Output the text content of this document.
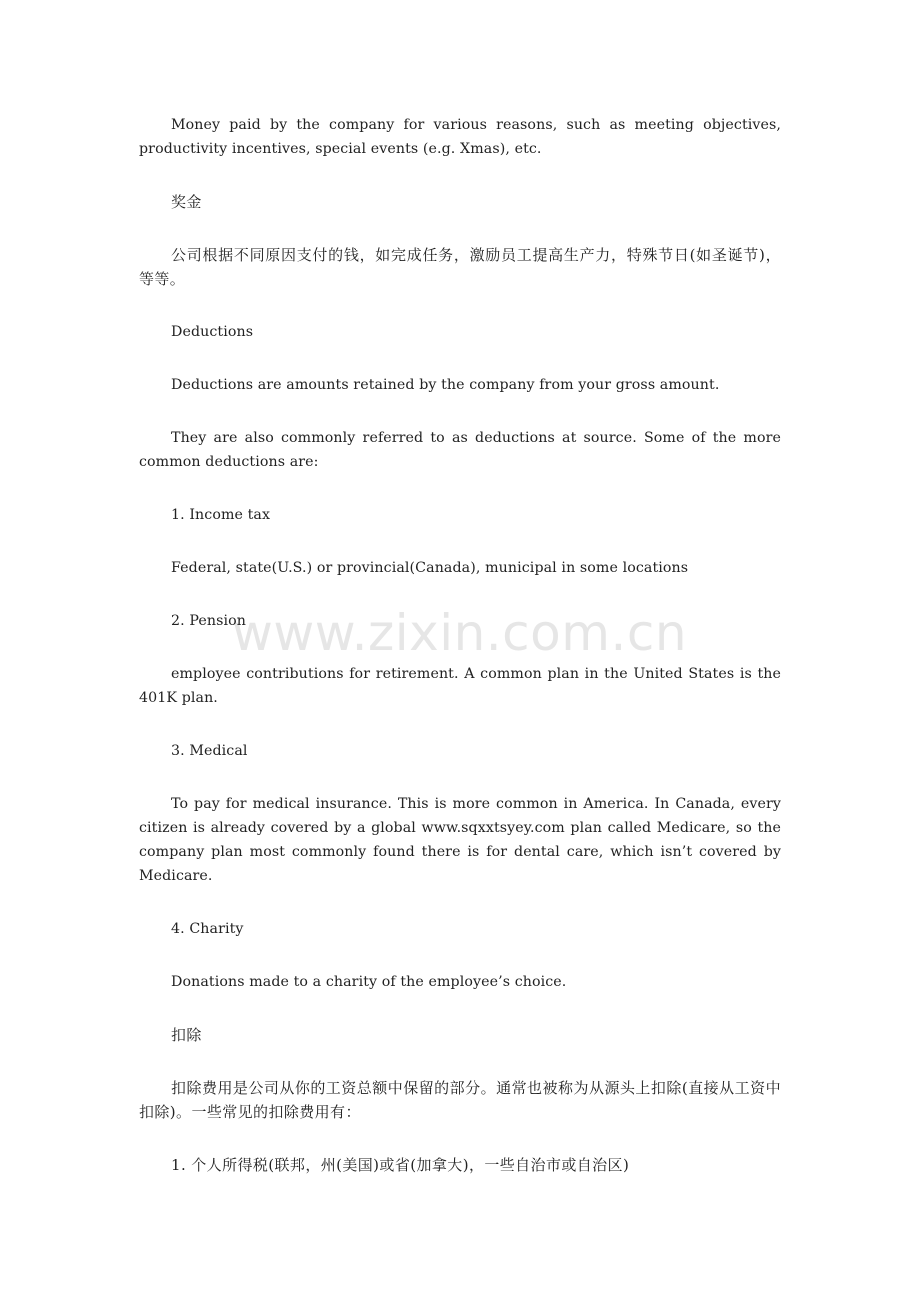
www.zixin.com.cn

Money paid by the company for various reasons, such as meeting objectives, productivity incentives, special events (e.g. Xmas), etc.

奖金

公司根据不同原因支付的钱，如完成任务，激励员工提高生产力，特殊节日(如圣诞节)，等等。

Deductions

Deductions are amounts retained by the company from your gross amount.

They are also commonly referred to as deductions at source. Some of the more common deductions are:

1. Income tax

Federal, state(U.S.) or provincial(Canada), municipal in some locations

2. Pension

employee contributions for retirement. A common plan in the United States is the 401K plan.

3. Medical

To pay for medical insurance. This is more common in America. In Canada, every citizen is already covered by a global www.sqxxtsyey.com plan called Medicare, so the company plan most commonly found there is for dental care, which isn’t covered by Medicare.

4. Charity

Donations made to a charity of the employee’s choice.

扣除

扣除费用是公司从你的工资总额中保留的部分。通常也被称为从源头上扣除(直接从工资中扣除)。一些常见的扣除费用有：

1. 个人所得税(联邦，州(美国)或省(加拿大)，一些自治市或自治区)
